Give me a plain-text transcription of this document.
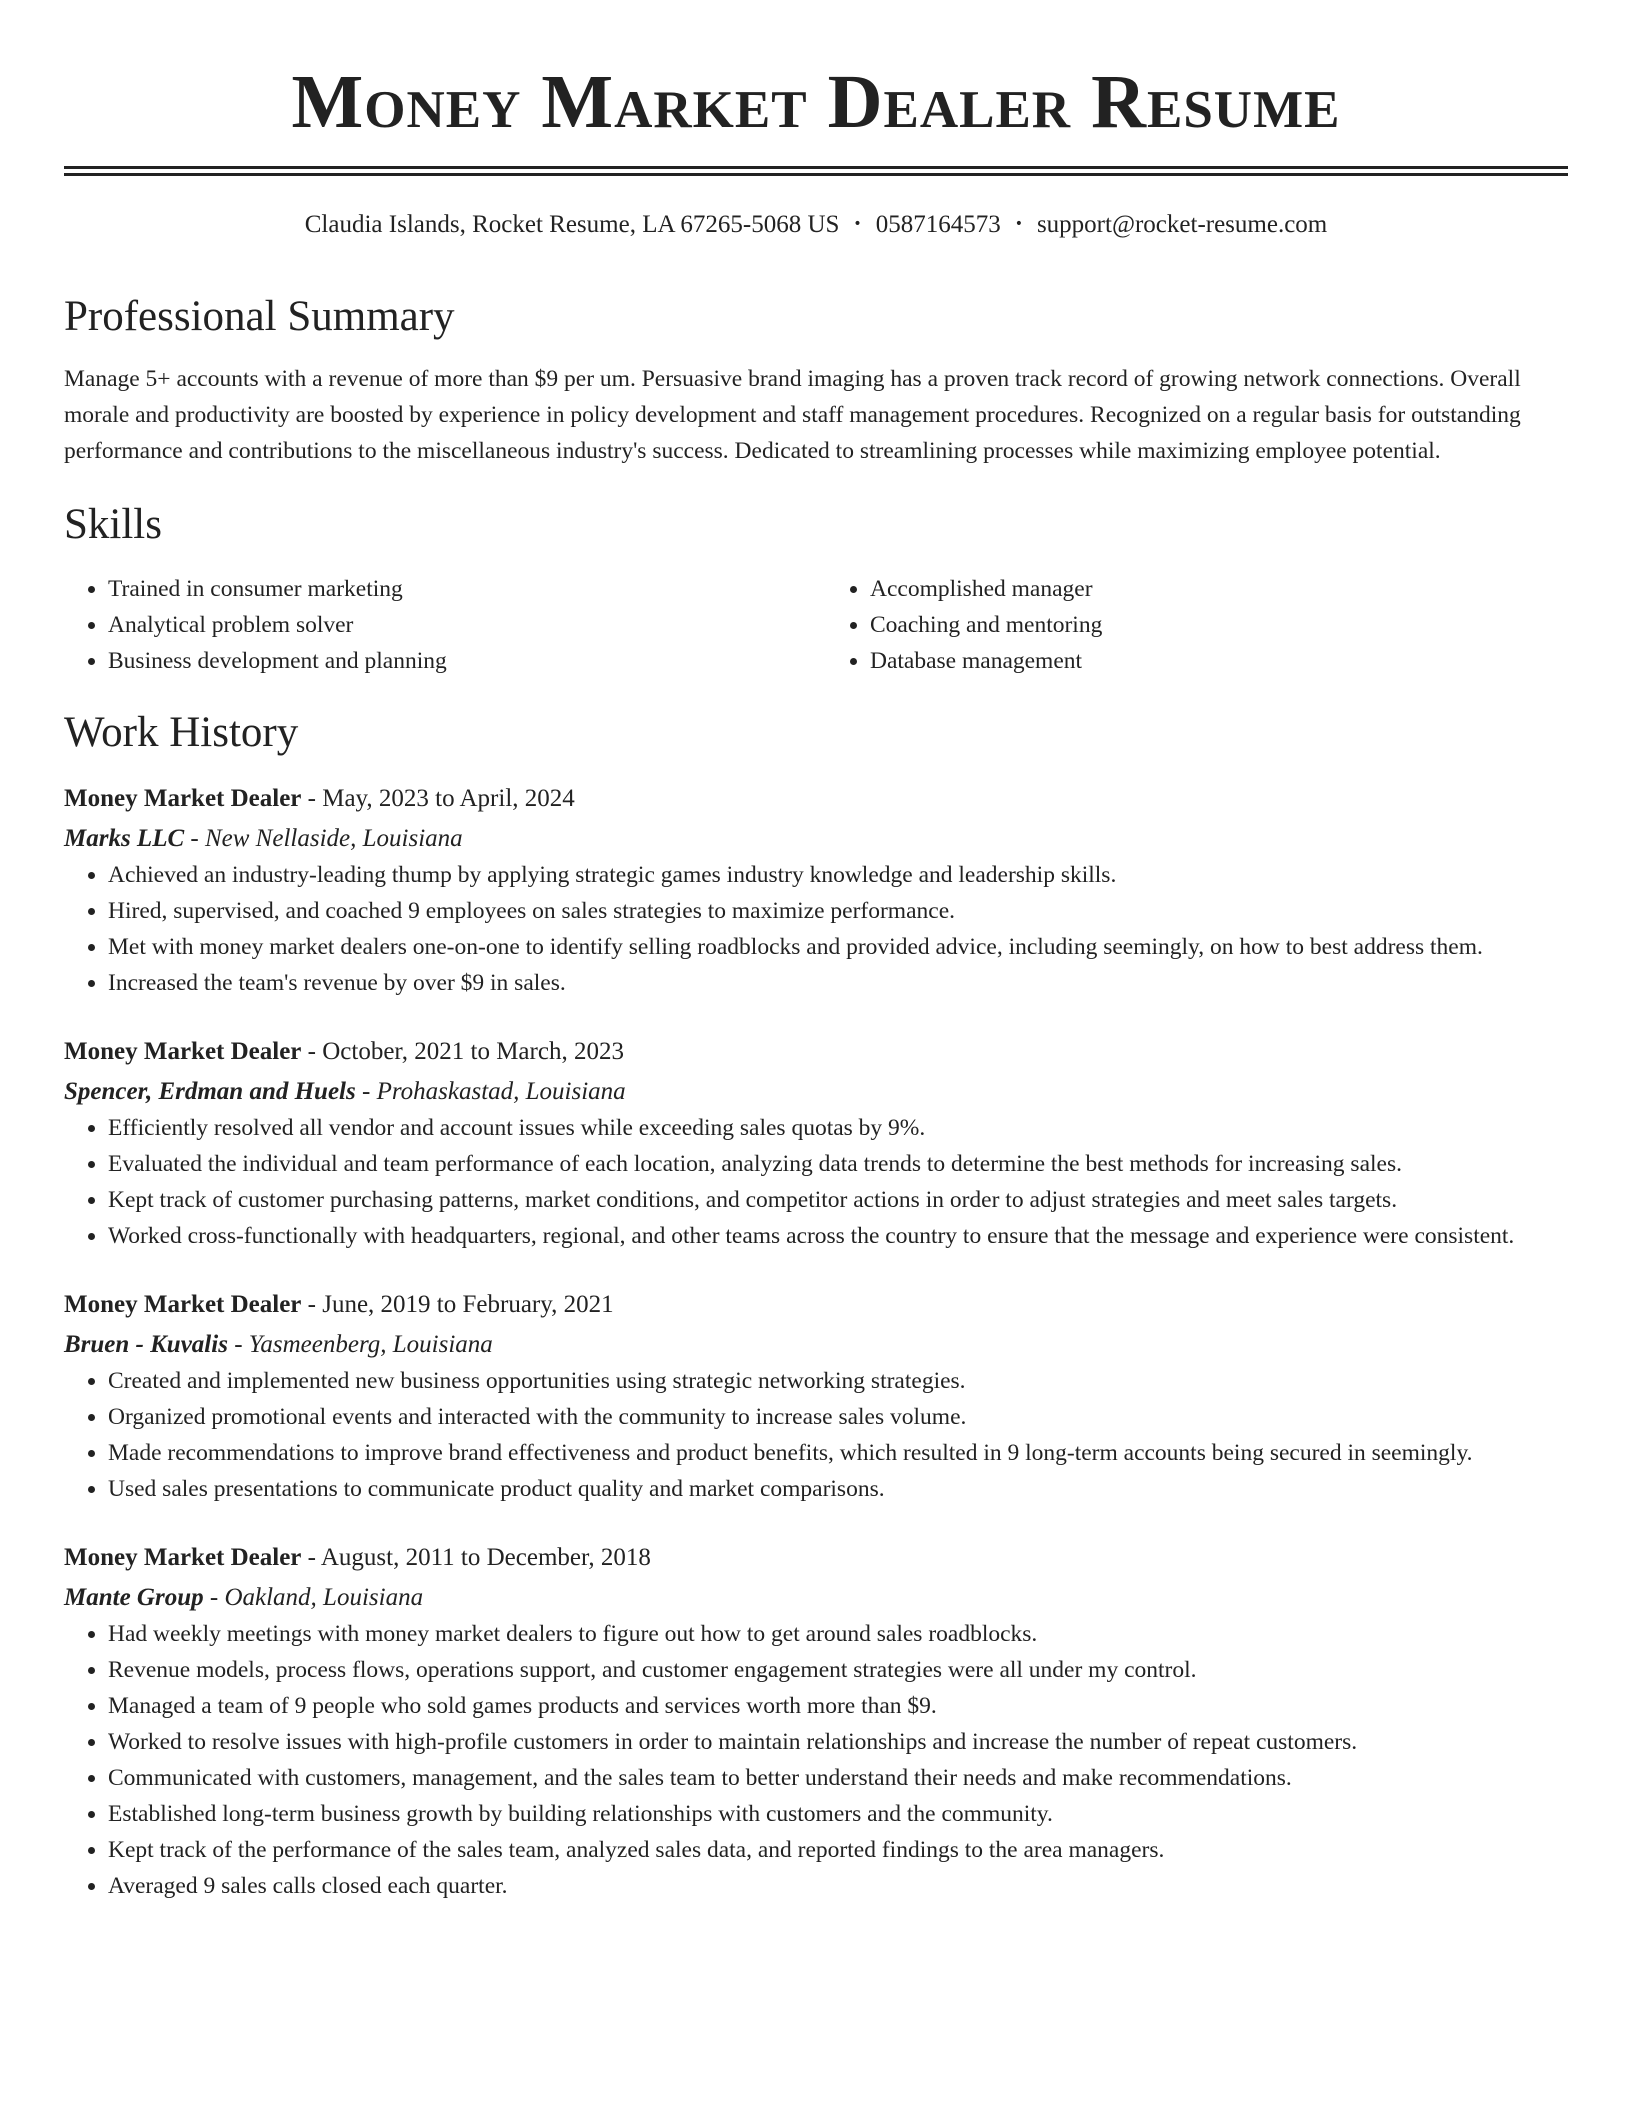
Money Market Dealer Resume
Claudia Islands, Rocket Resume, LA 67265-5068 US • 0587164573 • support@rocket-resume.com
Professional Summary

Manage 5+ accounts with a revenue of more than $9 per um. Persuasive brand imaging has a proven track record of growing network connections. Overall morale and productivity are boosted by experience in policy development and staff management procedures. Recognized on a regular basis for outstanding performance and contributions to the miscellaneous industry's success. Dedicated to streamlining processes while maximizing employee potential.

Skills
• Trained in consumer marketing
• Analytical problem solver
• Business development and planning
• Accomplished manager
• Coaching and mentoring
• Database management
Work History
Money Market Dealer - May, 2023 to April, 2024
Marks LLC - New Nellaside, Louisiana
• Achieved an industry-leading thump by applying strategic games industry knowledge and leadership skills.
• Hired, supervised, and coached 9 employees on sales strategies to maximize performance.
• Met with money market dealers one-on-one to identify selling roadblocks and provided advice, including seemingly, on how to best address them.
• Increased the team's revenue by over $9 in sales.
Money Market Dealer - October, 2021 to March, 2023
Spencer, Erdman and Huels - Prohaskastad, Louisiana
• Efficiently resolved all vendor and account issues while exceeding sales quotas by 9%.
• Evaluated the individual and team performance of each location, analyzing data trends to determine the best methods for increasing sales.
• Kept track of customer purchasing patterns, market conditions, and competitor actions in order to adjust strategies and meet sales targets.
• Worked cross-functionally with headquarters, regional, and other teams across the country to ensure that the message and experience were consistent.
Money Market Dealer - June, 2019 to February, 2021
Bruen - Kuvalis - Yasmeenberg, Louisiana
• Created and implemented new business opportunities using strategic networking strategies.
• Organized promotional events and interacted with the community to increase sales volume.
• Made recommendations to improve brand effectiveness and product benefits, which resulted in 9 long-term accounts being secured in seemingly.
• Used sales presentations to communicate product quality and market comparisons.
Money Market Dealer - August, 2011 to December, 2018
Mante Group - Oakland, Louisiana
• Had weekly meetings with money market dealers to figure out how to get around sales roadblocks.
• Revenue models, process flows, operations support, and customer engagement strategies were all under my control.
• Managed a team of 9 people who sold games products and services worth more than $9.
• Worked to resolve issues with high-profile customers in order to maintain relationships and increase the number of repeat customers.
• Communicated with customers, management, and the sales team to better understand their needs and make recommendations.
• Established long-term business growth by building relationships with customers and the community.
• Kept track of the performance of the sales team, analyzed sales data, and reported findings to the area managers.
• Averaged 9 sales calls closed each quarter.
